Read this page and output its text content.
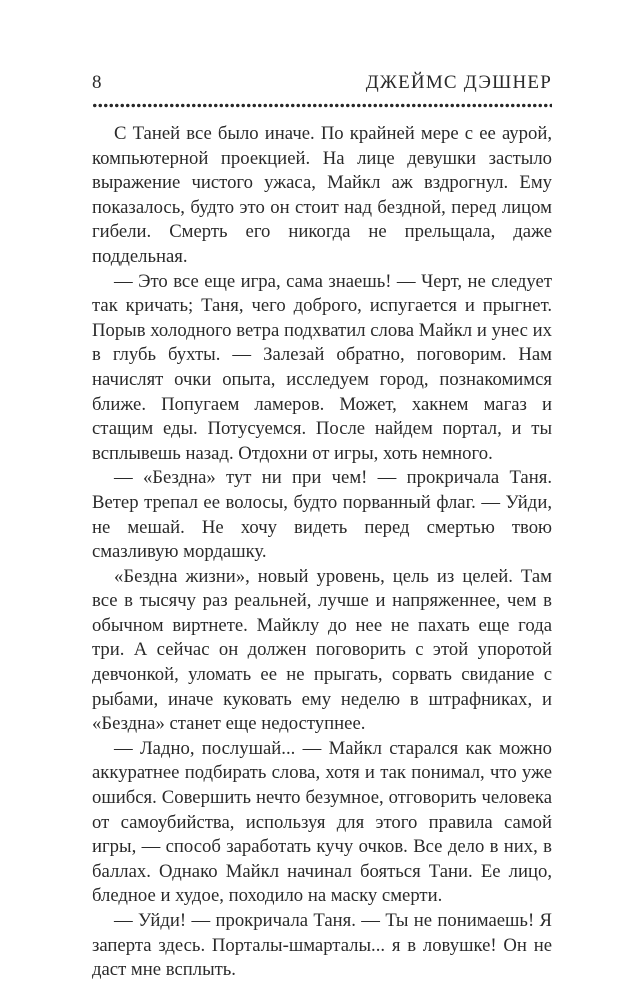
8	ДЖЕЙМС ДЭШНЕР

С Таней все было иначе. По крайней мере с ее аурой, компьютерной проекцией. На лице девушки застыло выражение чистого ужаса, Майкл аж вздрогнул. Ему показалось, будто это он стоит над бездной, перед лицом гибели. Смерть его никогда не прельщала, даже поддельная.

— Это все еще игра, сама знаешь! — Черт, не следует так кричать; Таня, чего доброго, испугается и прыгнет. Порыв холодного ветра подхватил слова Майкл и унес их в глубь бухты. — Залезай обратно, поговорим. Нам начислят очки опыта, исследуем город, познакомимся ближе. Попугаем ламеров. Может, хакнем магаз и стащим еды. Потусуемся. После найдем портал, и ты всплывешь назад. Отдохни от игры, хоть немного.

— «Бездна» тут ни при чем! — прокричала Таня. Ветер трепал ее волосы, будто порванный флаг. — Уйди, не мешай. Не хочу видеть перед смертью твою смазливую мордашку.

«Бездна жизни», новый уровень, цель из целей. Там все в тысячу раз реальней, лучше и напряженнее, чем в обычном виртнете. Майклу до нее не пахать еще года три. А сейчас он должен поговорить с этой упоротой девчонкой, уломать ее не прыгать, сорвать свидание с рыбами, иначе куковать ему неделю в штрафниках, и «Бездна» станет еще недоступнее.

— Ладно, послушай... — Майкл старался как можно аккуратнее подбирать слова, хотя и так понимал, что уже ошибся. Совершить нечто безумное, отговорить человека от самоубийства, используя для этого правила самой игры, — способ заработать кучу очков. Все дело в них, в баллах. Однако Майкл начинал бояться Тани. Ее лицо, бледное и худое, походило на маску смерти.

— Уйди! — прокричала Таня. — Ты не понимаешь! Я заперта здесь. Порталы-шмарталы... я в ловушке! Он не даст мне всплыть.
